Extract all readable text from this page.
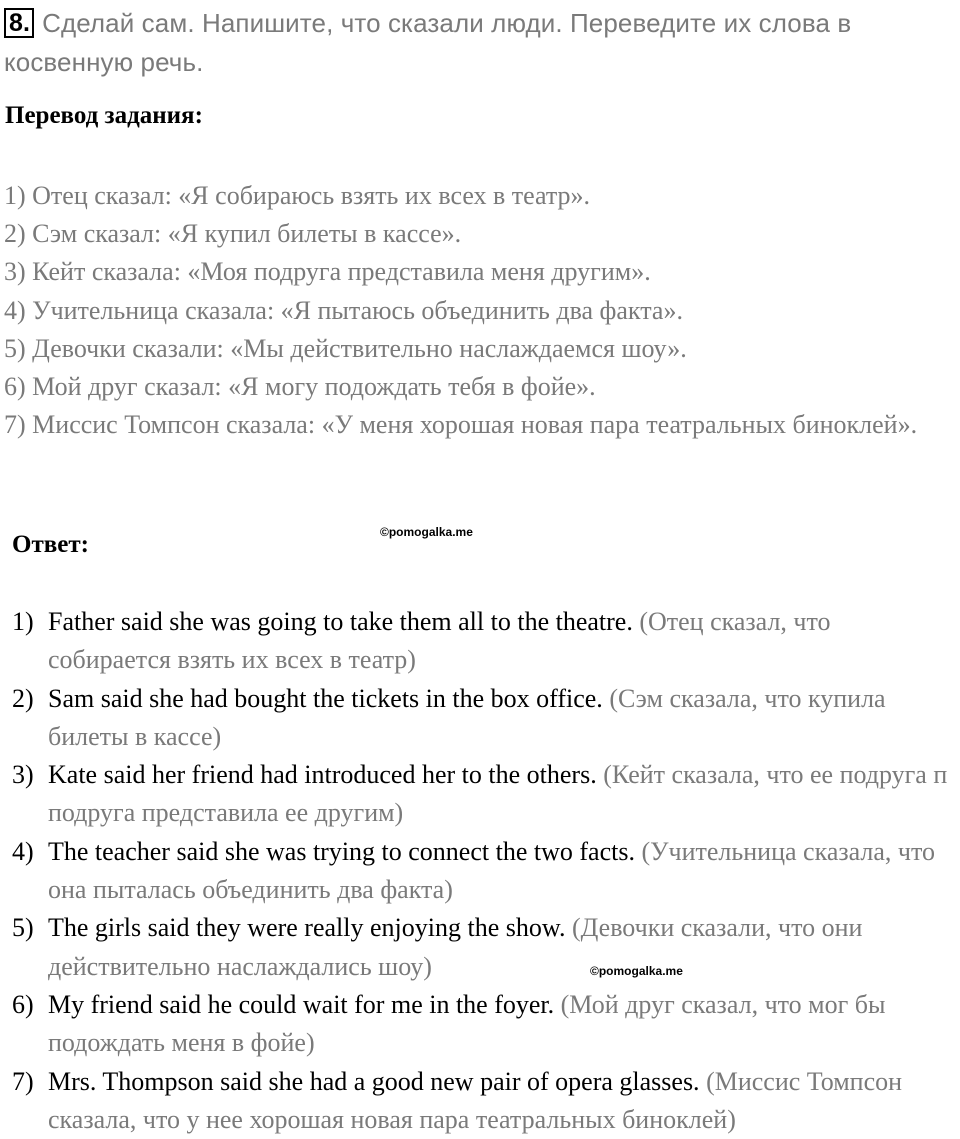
8. Сделай сам. Напишите, что сказали люди. Переведите их слова в косвенную речь.
Перевод задания:
1) Отец сказал: «Я собираюсь взять их всех в театр».
2) Сэм сказал: «Я купил билеты в кассе».
3) Кейт сказала: «Моя подруга представила меня другим».
4) Учительница сказала: «Я пытаюсь объединить два факта».
5) Девочки сказали: «Мы действительно наслаждаемся шоу».
6) Мой друг сказал: «Я могу подождать тебя в фойе».
7) Миссис Томпсон сказала: «У меня хорошая новая пара театральных биноклей».
Ответ:	©pomogalka.me
1) Father said she was going to take them all to the theatre. (Отец сказал, что собирается взять их всех в театр)
2) Sam said she had bought the tickets in the box office. (Сэм сказала, что купила билеты в кассе)
3) Kate said her friend had introduced her to the others. (Кейт сказала, что ее подруга п подруга представила ее другим)
4) The teacher said she was trying to connect the two facts. (Учительница сказала, что она пыталась объединить два факта)
5) The girls said they were really enjoying the show. (Девочки сказали, что они действительно наслаждались шоу)
6) My friend said he could wait for me in the foyer. (Мой друг сказал, что мог бы подождать меня в фойе)
7) Mrs. Thompson said she had a good new pair of opera glasses. (Миссис Томпсон сказала, что у нее хорошая новая пара театральных биноклей)
©pomogalka.me
